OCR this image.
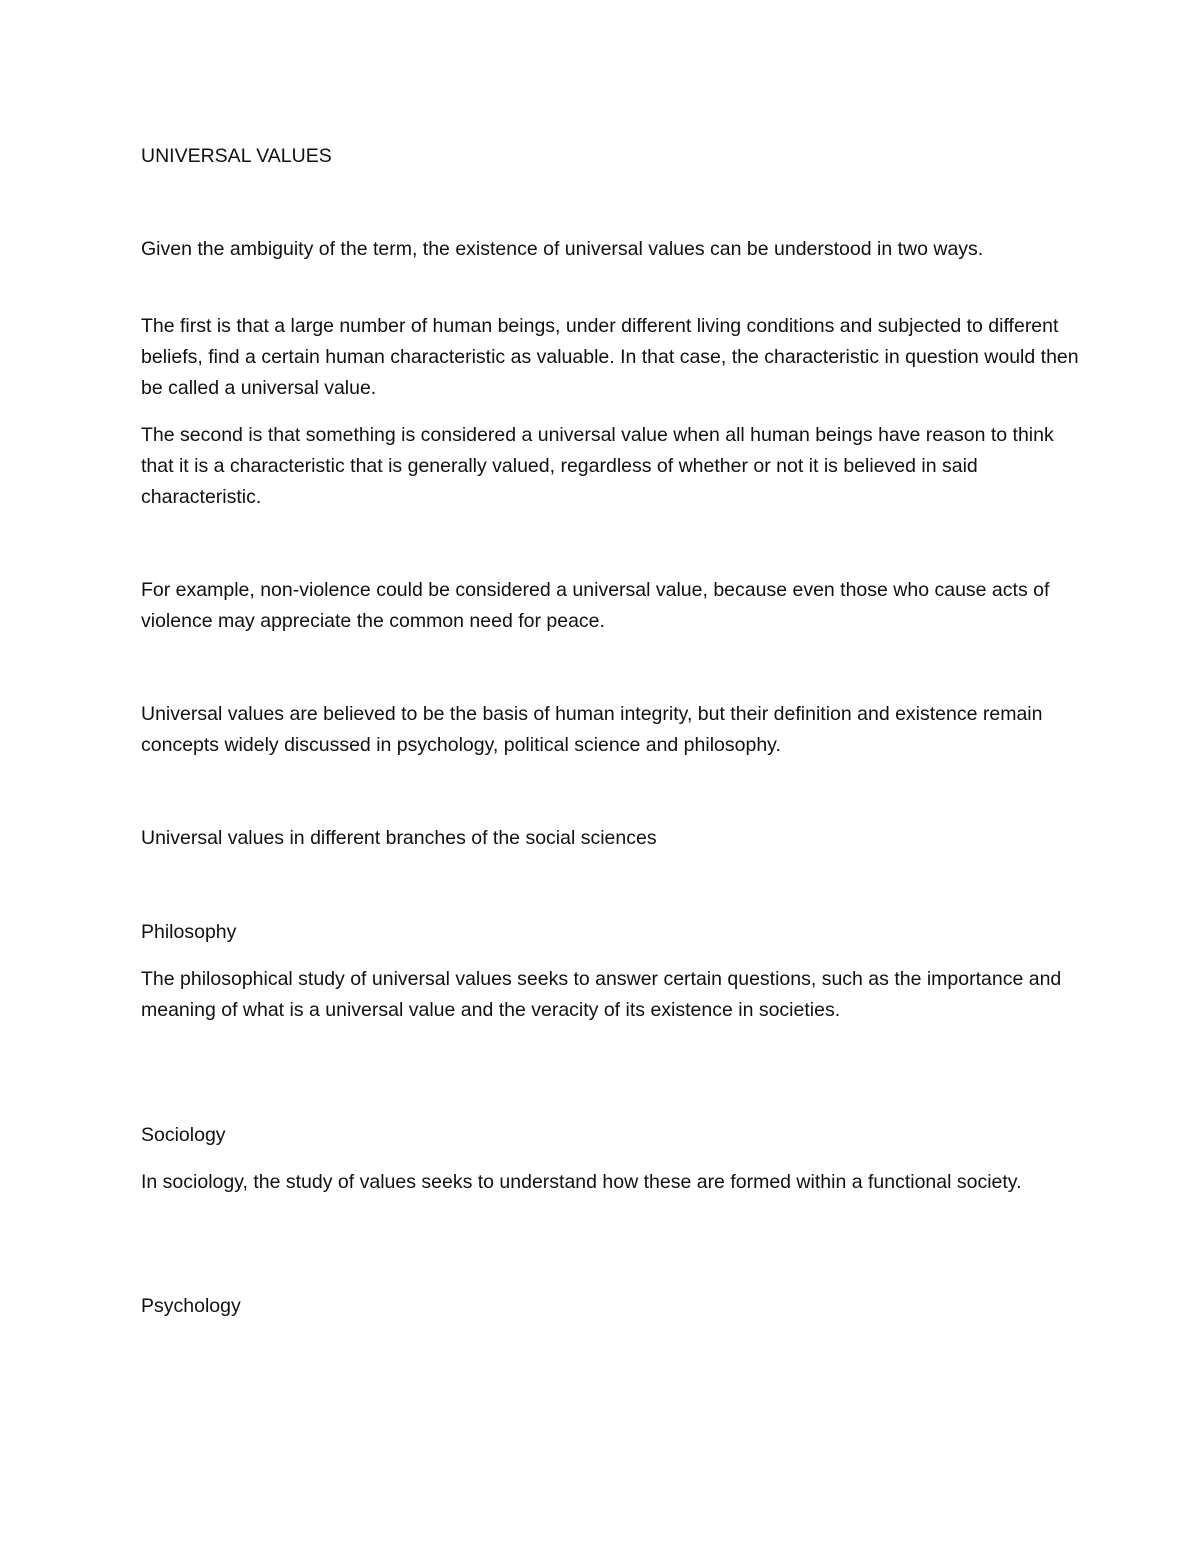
UNIVERSAL VALUES

Given the ambiguity of the term, the existence of universal values can be understood in two ways.

The first is that a large number of human beings, under different living conditions and subjected to different beliefs, find a certain human characteristic as valuable. In that case, the characteristic in question would then be called a universal value.

The second is that something is considered a universal value when all human beings have reason to think that it is a characteristic that is generally valued, regardless of whether or not it is believed in said characteristic.

For example, non-violence could be considered a universal value, because even those who cause acts of violence may appreciate the common need for peace.

Universal values are believed to be the basis of human integrity, but their definition and existence remain concepts widely discussed in psychology, political science and philosophy.

Universal values in different branches of the social sciences

Philosophy

The philosophical study of universal values seeks to answer certain questions, such as the importance and meaning of what is a universal value and the veracity of its existence in societies.

Sociology

In sociology, the study of values seeks to understand how these are formed within a functional society.

Psychology
